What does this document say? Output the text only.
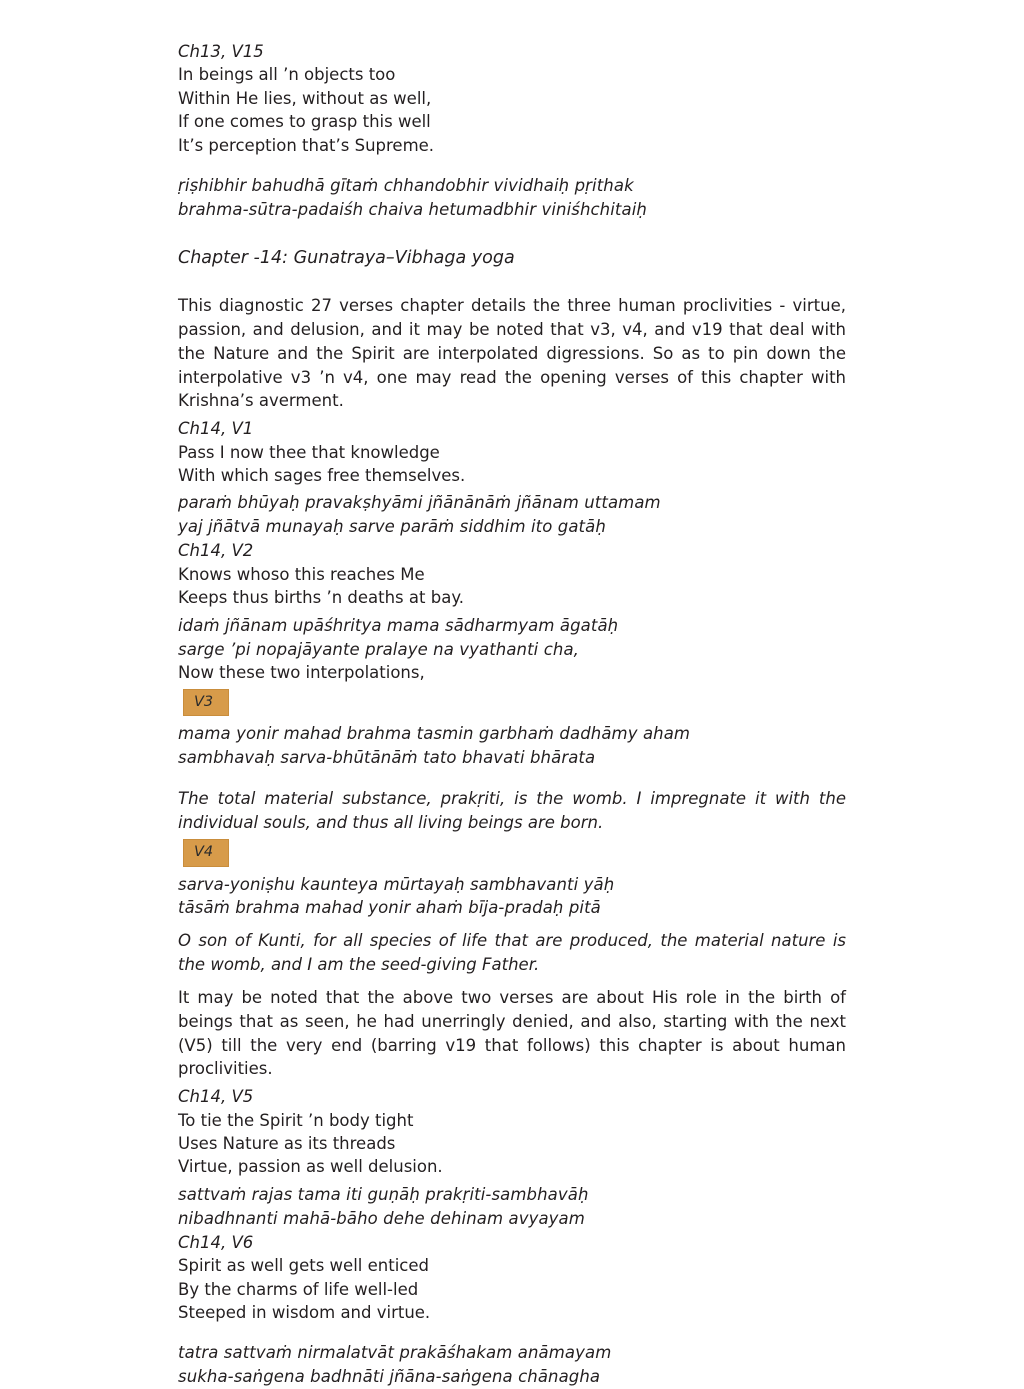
Ch13, V15

In beings all ’n objects too

Within He lies, without as well,

If one comes to grasp this well

It’s perception that’s Supreme.

ṛiṣhibhir bahudhā gītaṁ chhandobhir vividhaiḥ pṛithak

brahma-sūtra-padaiśh chaiva hetumadbhir viniśhchitaiḥ

Chapter -14: Gunatraya–Vibhaga yoga

This diagnostic 27 verses chapter details the three human proclivities - virtue, passion, and delusion, and it may be noted that v3, v4, and v19 that deal with the Nature and the Spirit are interpolated digressions. So as to pin down the interpolative v3 ’n v4, one may read the opening verses of this chapter with Krishna’s averment.

Ch14, V1

Pass I now thee that knowledge

With which sages free themselves.

paraṁ bhūyaḥ pravakṣhyāmi jñānānāṁ jñānam uttamam

yaj jñātvā munayaḥ sarve parāṁ siddhim ito gatāḥ

Ch14, V2

Knows whoso this reaches Me

Keeps thus births ’n deaths at bay.

idaṁ jñānam upāśhritya mama sādharmyam āgatāḥ

sarge ’pi nopajāyante pralaye na vyathanti cha,

Now these two interpolations,

V3

mama yonir mahad brahma tasmin garbhaṁ dadhāmy aham

sambhavaḥ sarva-bhūtānāṁ tato bhavati bhārata

The total material substance, prakṛiti, is the womb. I impregnate it with the individual souls, and thus all living beings are born.

V4

sarva-yoniṣhu kaunteya mūrtayaḥ sambhavanti yāḥ

tāsāṁ brahma mahad yonir ahaṁ bīja-pradaḥ pitā

O son of Kunti, for all species of life that are produced, the material nature is the womb, and I am the seed-giving Father.

It may be noted that the above two verses are about His role in the birth of beings that as seen, he had unerringly denied, and also, starting with the next (V5) till the very end (barring v19 that follows) this chapter is about human proclivities.

Ch14, V5

To tie the Spirit ’n body tight

Uses Nature as its threads

Virtue, passion as well delusion.

sattvaṁ rajas tama iti guṇāḥ prakṛiti-sambhavāḥ

nibadhnanti mahā-bāho dehe dehinam avyayam

Ch14, V6

Spirit as well gets well enticed

By the charms of life well-led

Steeped in wisdom and virtue.

tatra sattvaṁ nirmalatvāt prakāśhakam anāmayam

sukha-saṅgena badhnāti jñāna-saṅgena chānagha
